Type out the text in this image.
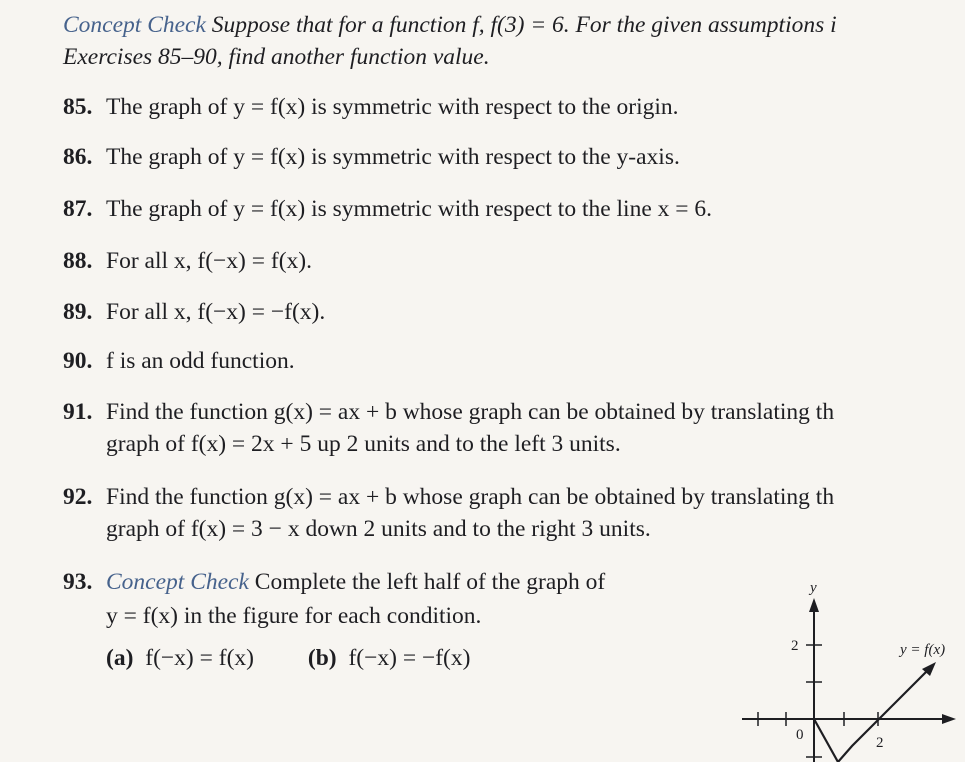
Concept Check Suppose that for a function f, f(3) = 6. For the given assumptions i
Exercises 85–90, find another function value.
85. The graph of y = f(x) is symmetric with respect to the origin.
86. The graph of y = f(x) is symmetric with respect to the y-axis.
87. The graph of y = f(x) is symmetric with respect to the line x = 6.
88. For all x, f(−x) = f(x).
89. For all x, f(−x) = −f(x).
90. f is an odd function.
91. Find the function g(x) = ax + b whose graph can be obtained by translating th
graph of f(x) = 2x + 5 up 2 units and to the left 3 units.
92. Find the function g(x) = ax + b whose graph can be obtained by translating th
graph of f(x) = 3 − x down 2 units and to the right 3 units.
93. Concept Check Complete the left half of the graph of
y = f(x) in the figure for each condition.
(a) f(−x) = f(x) (b) f(−x) = −f(x)
y
2
0	2
y = f(x)
